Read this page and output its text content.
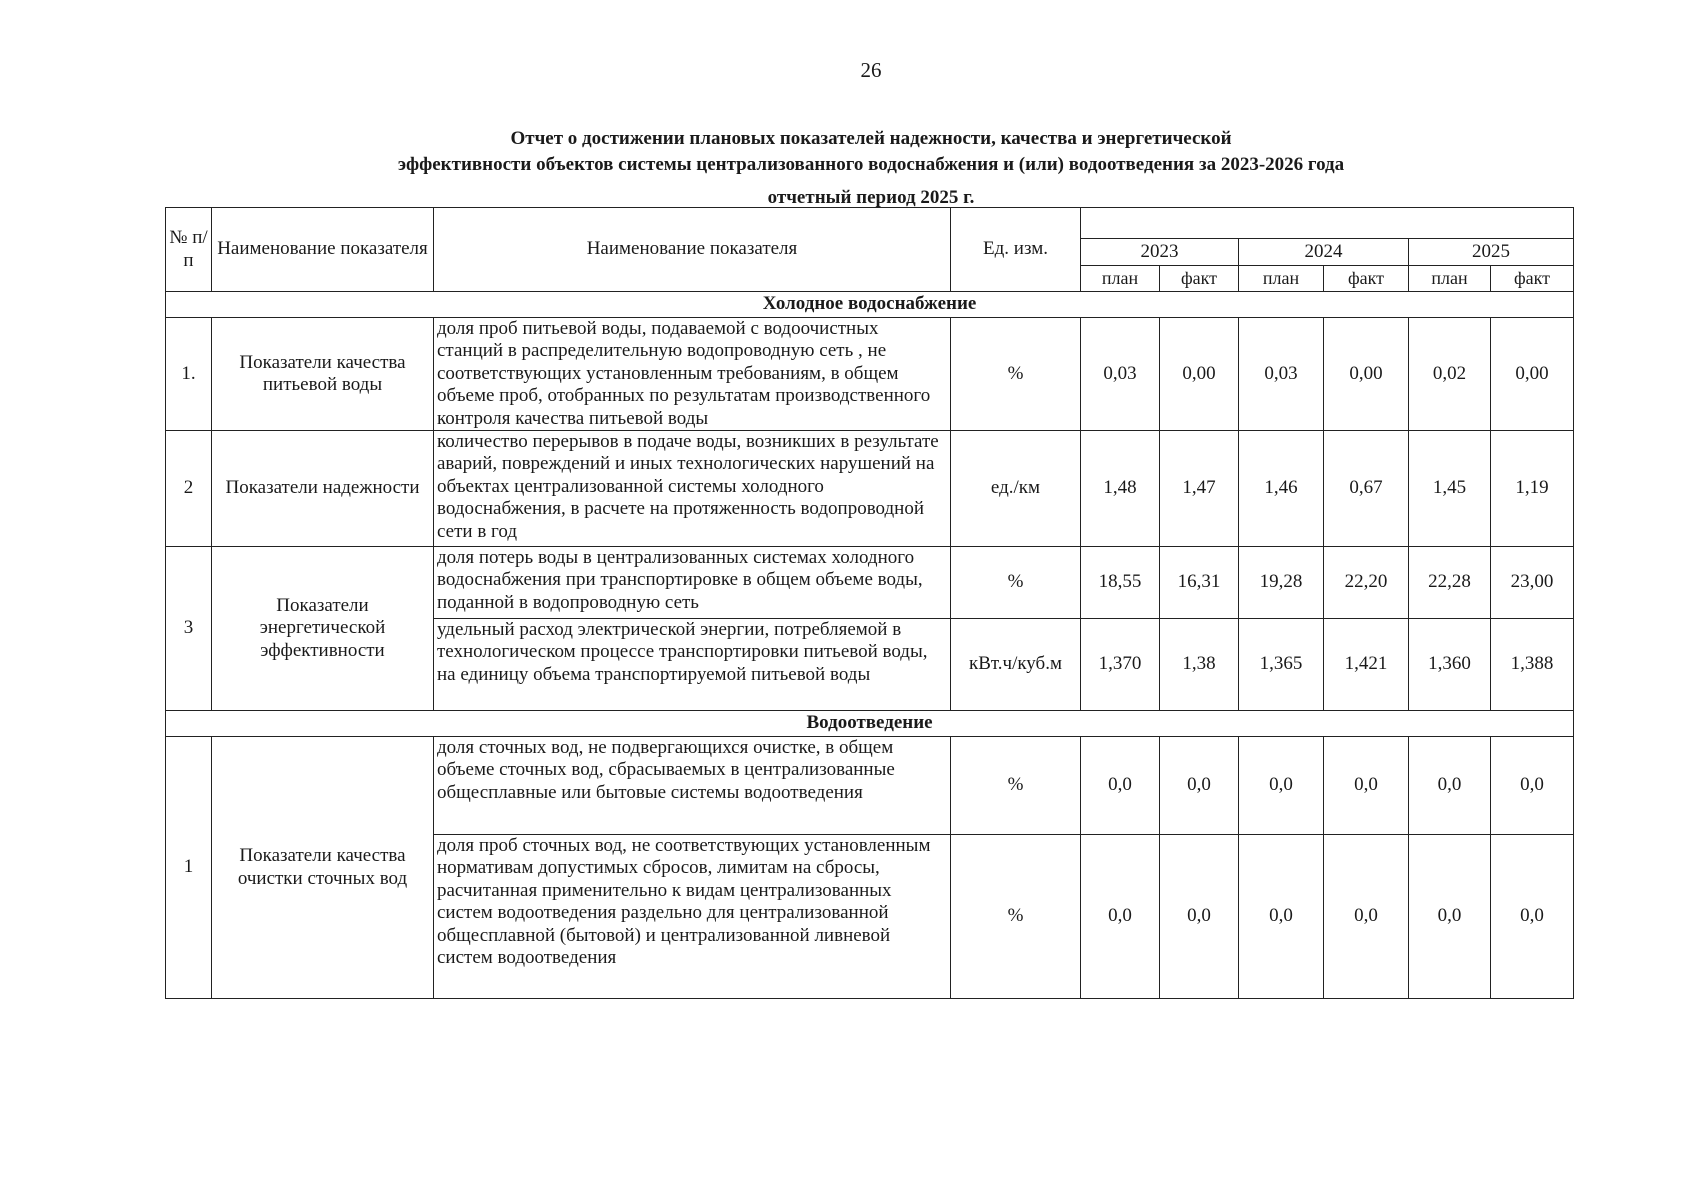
26
Отчет о достижении плановых показателей надежности, качества и энергетической
эффективности объектов системы централизованного водоснабжения и (или) водоотведения за 2023-2026 года
отчетный период 2025 г.
№ п/п	Наименование показателя	Наименование показателя	Ед. изм.						
				2023		2024		2025	
				план	факт	план	факт	план	факт
Холодное водоснабжение									
1.	Показатели качества питьевой воды	доля проб питьевой воды, подаваемой с водоочистных станций в распределительную водопроводную сеть , не соответствующих установленным требованиям, в общем объеме проб, отобранных по результатам производственного контроля качества питьевой воды	%	0,03	0,00	0,03	0,00	0,02	0,00
2	Показатели надежности	количество перерывов в подаче воды, возникших в результате аварий, повреждений и иных технологических нарушений на объектах централизованной системы холодного водоснабжения, в расчете на протяженность водопроводной сети в год	ед./км	1,48	1,47	1,46	0,67	1,45	1,19
3	Показатели энергетической эффективности	доля потерь воды в централизованных системах холодного водоснабжения при транспортировке в общем объеме воды, поданной в водопроводную сеть	%	18,55	16,31	19,28	22,20	22,28	23,00
		удельный расход электрической энергии, потребляемой в технологическом процессе транспортировки питьевой воды, на единицу объема транспортируемой питьевой воды	кВт.ч/куб.м	1,370	1,38	1,365	1,421	1,360	1,388
Водоотведение									
1	Показатели качества очистки сточных вод	доля сточных вод, не подвергающихся очистке, в общем объеме сточных вод, сбрасываемых в централизованные общесплавные или бытовые системы водоотведения	%	0,0	0,0	0,0	0,0	0,0	0,0
		доля проб сточных вод, не соответствующих установленным нормативам допустимых сбросов, лимитам на сбросы, расчитанная применительно к видам централизованных систем водоотведения раздельно для централизованной общесплавной (бытовой) и централизованной ливневой систем водоотведения	%	0,0	0,0	0,0	0,0	0,0	0,0
